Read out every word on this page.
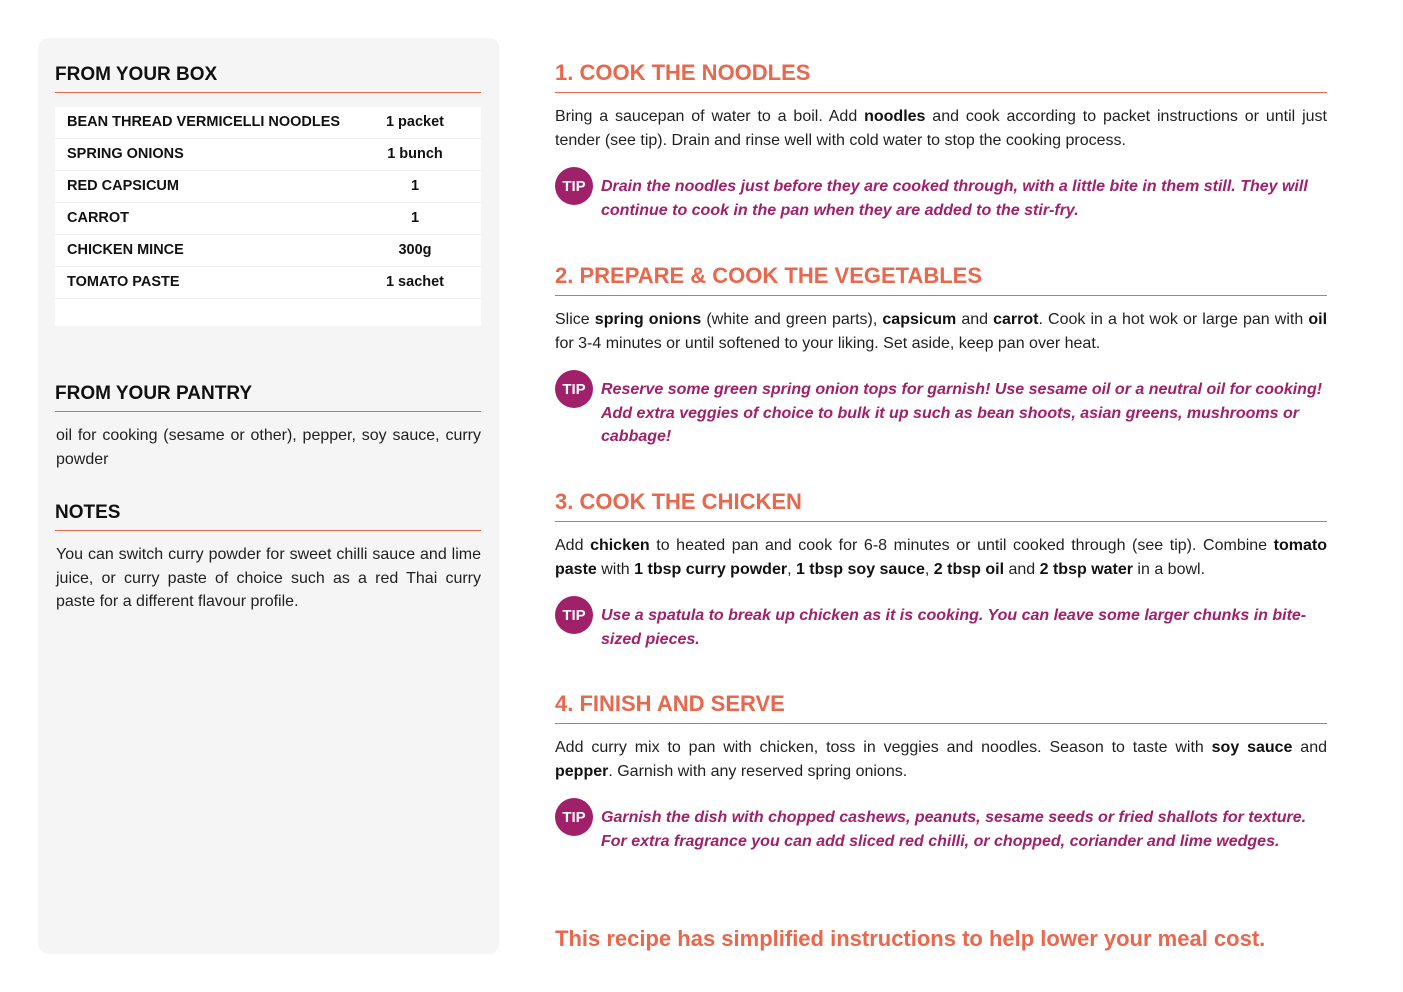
FROM YOUR BOX
BEAN THREAD VERMICELLI NOODLES	1 packet
SPRING ONIONS	1 bunch
RED CAPSICUM	1
CARROT	1
CHICKEN MINCE	300g
TOMATO PASTE	1 sachet
FROM YOUR PANTRY
oil for cooking (sesame or other), pepper, soy sauce, curry powder
NOTES
You can switch curry powder for sweet chilli sauce and lime juice, or curry paste of choice such as a red Thai curry paste for a different flavour profile.
1. COOK THE NOODLES
Bring a saucepan of water to a boil. Add noodles and cook according to packet instructions or until just tender (see tip). Drain and rinse well with cold water to stop the cooking process.
TIP Drain the noodles just before they are cooked through, with a little bite in them still. They will continue to cook in the pan when they are added to the stir-fry.
2. PREPARE & COOK THE VEGETABLES
Slice spring onions (white and green parts), capsicum and carrot. Cook in a hot wok or large pan with oil for 3-4 minutes or until softened to your liking. Set aside, keep pan over heat.
TIP Reserve some green spring onion tops for garnish! Use sesame oil or a neutral oil for cooking! Add extra veggies of choice to bulk it up such as bean shoots, asian greens, mushrooms or cabbage!
3. COOK THE CHICKEN
Add chicken to heated pan and cook for 6-8 minutes or until cooked through (see tip). Combine tomato paste with 1 tbsp curry powder, 1 tbsp soy sauce, 2 tbsp oil and 2 tbsp water in a bowl.
TIP Use a spatula to break up chicken as it is cooking. You can leave some larger chunks in bite-sized pieces.
4. FINISH AND SERVE
Add curry mix to pan with chicken, toss in veggies and noodles. Season to taste with soy sauce and pepper. Garnish with any reserved spring onions.
TIP Garnish the dish with chopped cashews, peanuts, sesame seeds or fried shallots for texture. For extra fragrance you can add sliced red chilli, or chopped, coriander and lime wedges.
This recipe has simplified instructions to help lower your meal cost.
